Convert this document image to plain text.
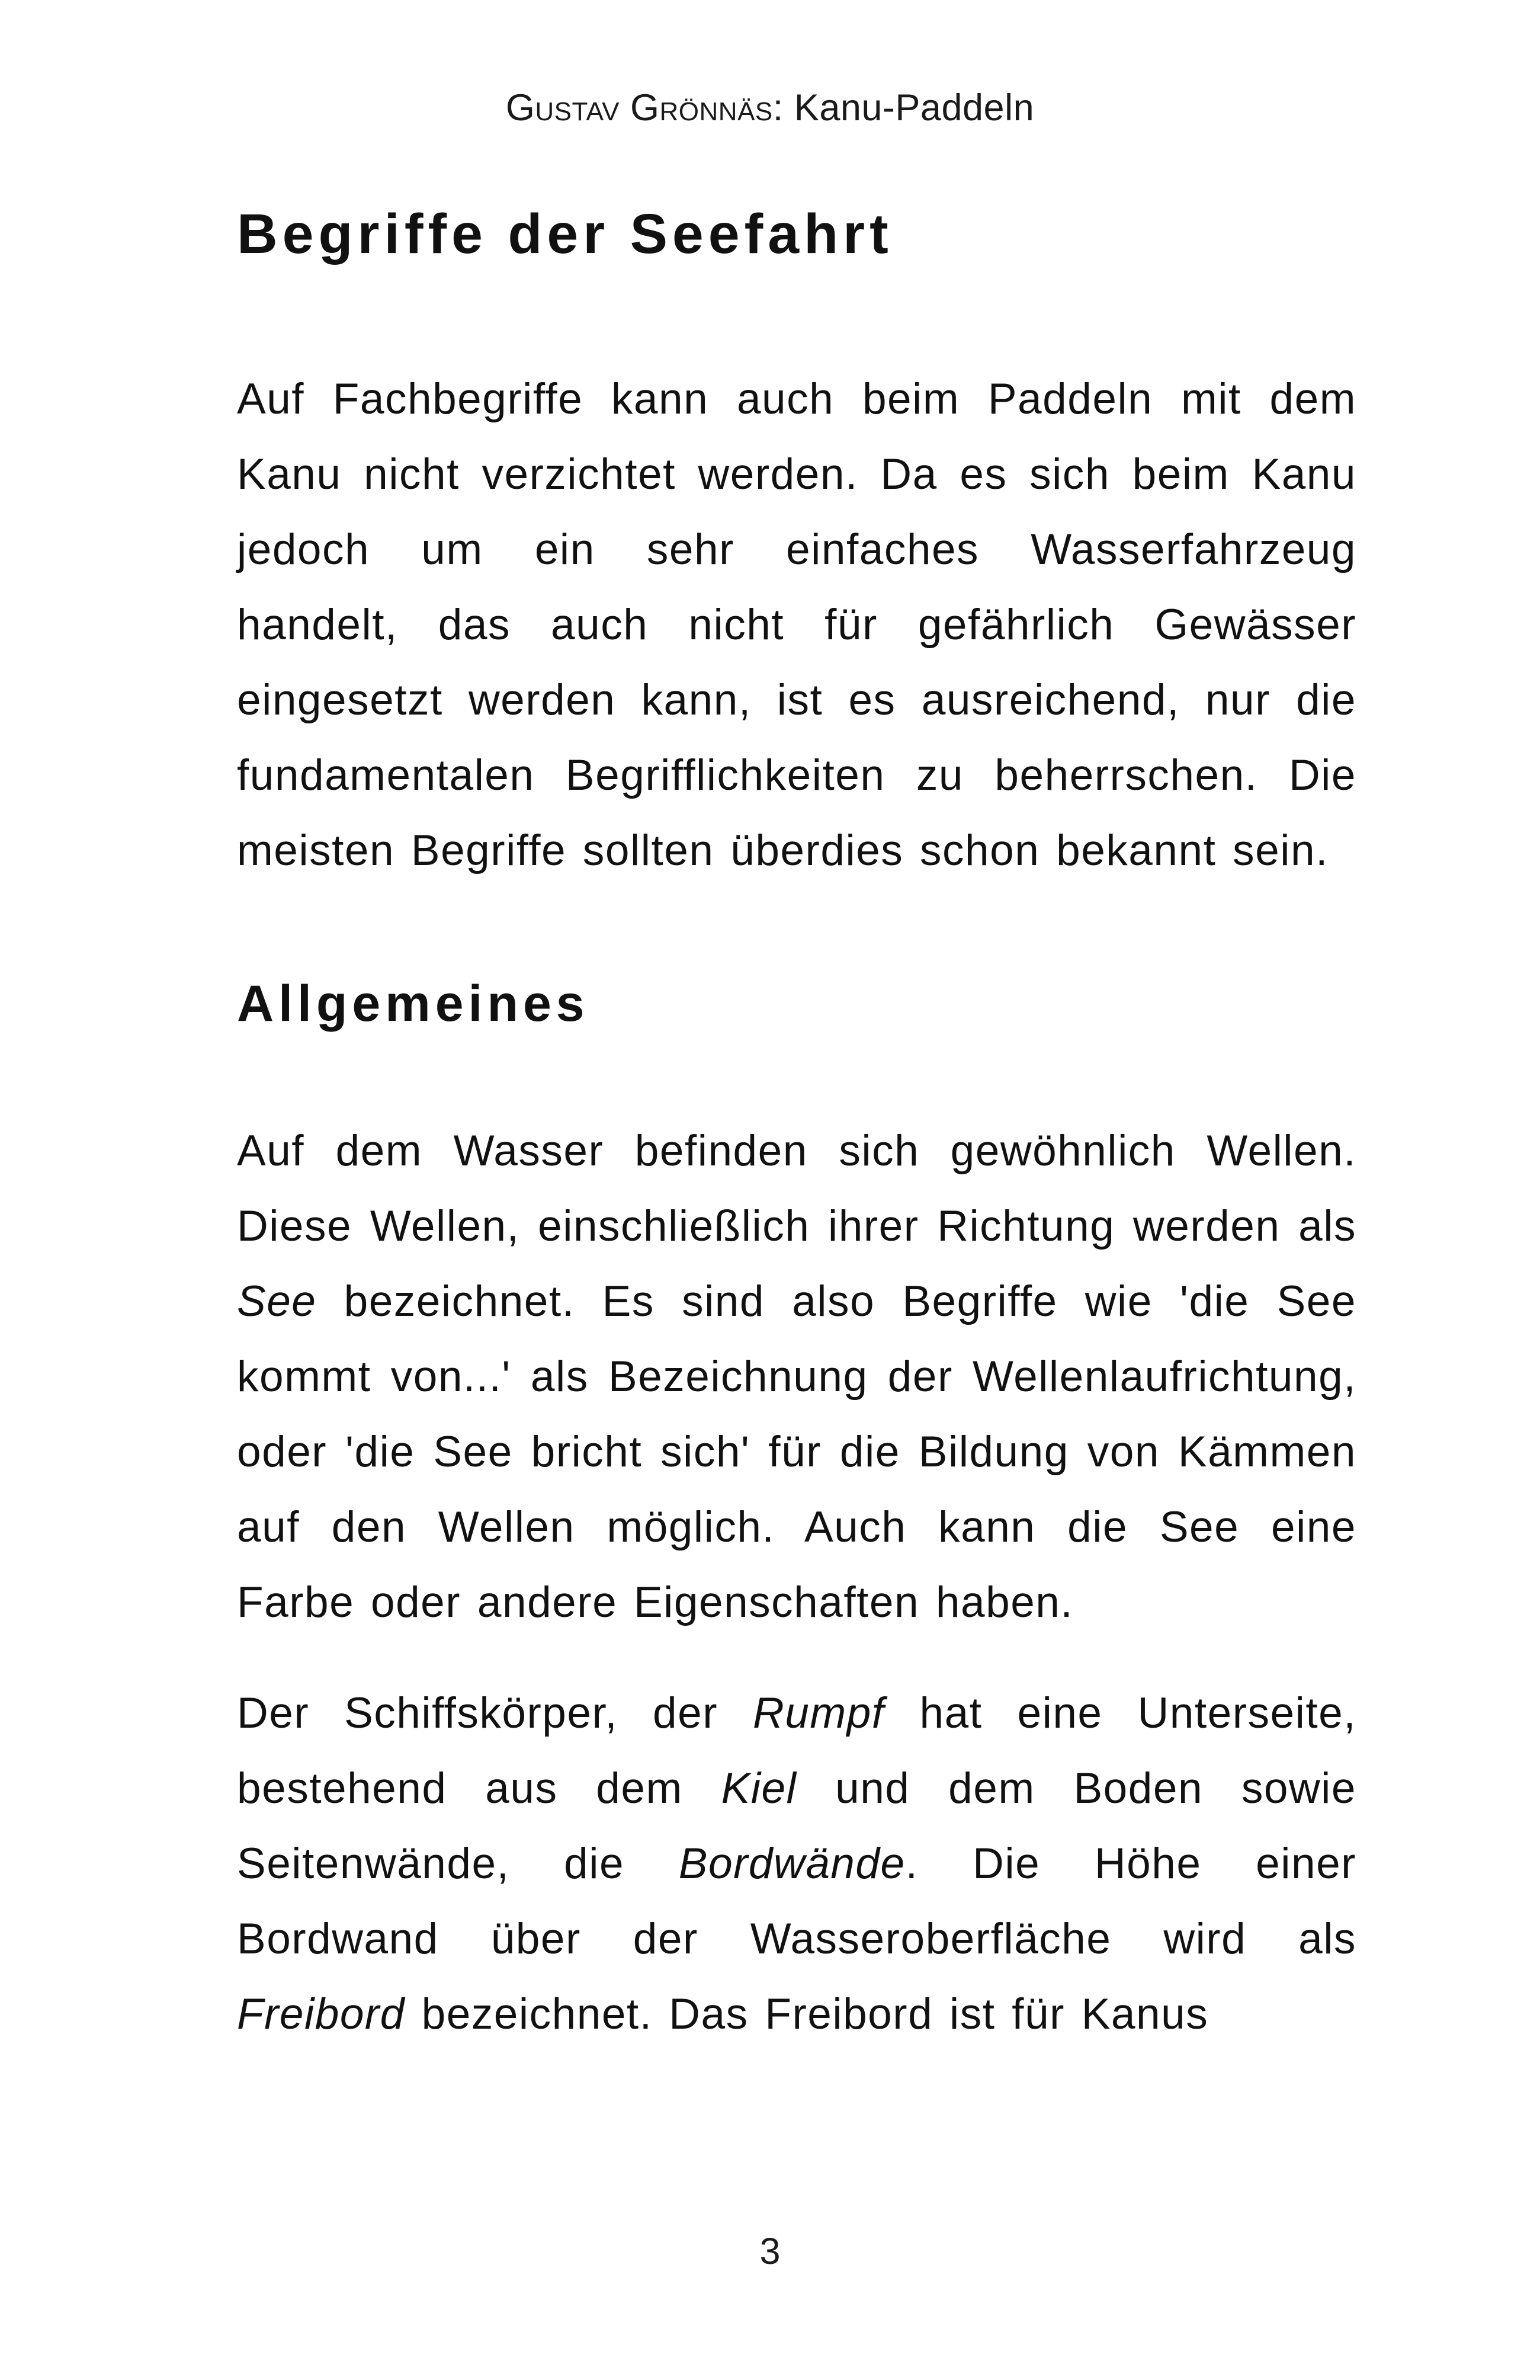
Gustav Grönnäs: Kanu-Paddeln
Begriffe der Seefahrt

Auf Fachbegriffe kann auch beim Paddeln mit dem Kanu nicht verzichtet werden. Da es sich beim Kanu jedoch um ein sehr einfaches Wasserfahrzeug handelt, das auch nicht für gefährlich Gewässer eingesetzt werden kann, ist es ausreichend, nur die fundamentalen Begrifflichkeiten zu beherrschen. Die meisten Begriffe sollten überdies schon bekannt sein.

Allgemeines

Auf dem Wasser befinden sich gewöhnlich Wellen. Diese Wellen, einschließlich ihrer Richtung werden als See bezeichnet. Es sind also Begriffe wie 'die See kommt von...' als Bezeichnung der Wellenlaufrichtung, oder 'die See bricht sich' für die Bildung von Kämmen auf den Wellen möglich. Auch kann die See eine Farbe oder andere Eigenschaften haben.

Der Schiffskörper, der Rumpf hat eine Unterseite, bestehend aus dem Kiel und dem Boden sowie Seitenwände, die Bordwände. Die Höhe einer Bordwand über der Wasseroberfläche wird als Freibord bezeichnet. Das Freibord ist für Kanus

3
